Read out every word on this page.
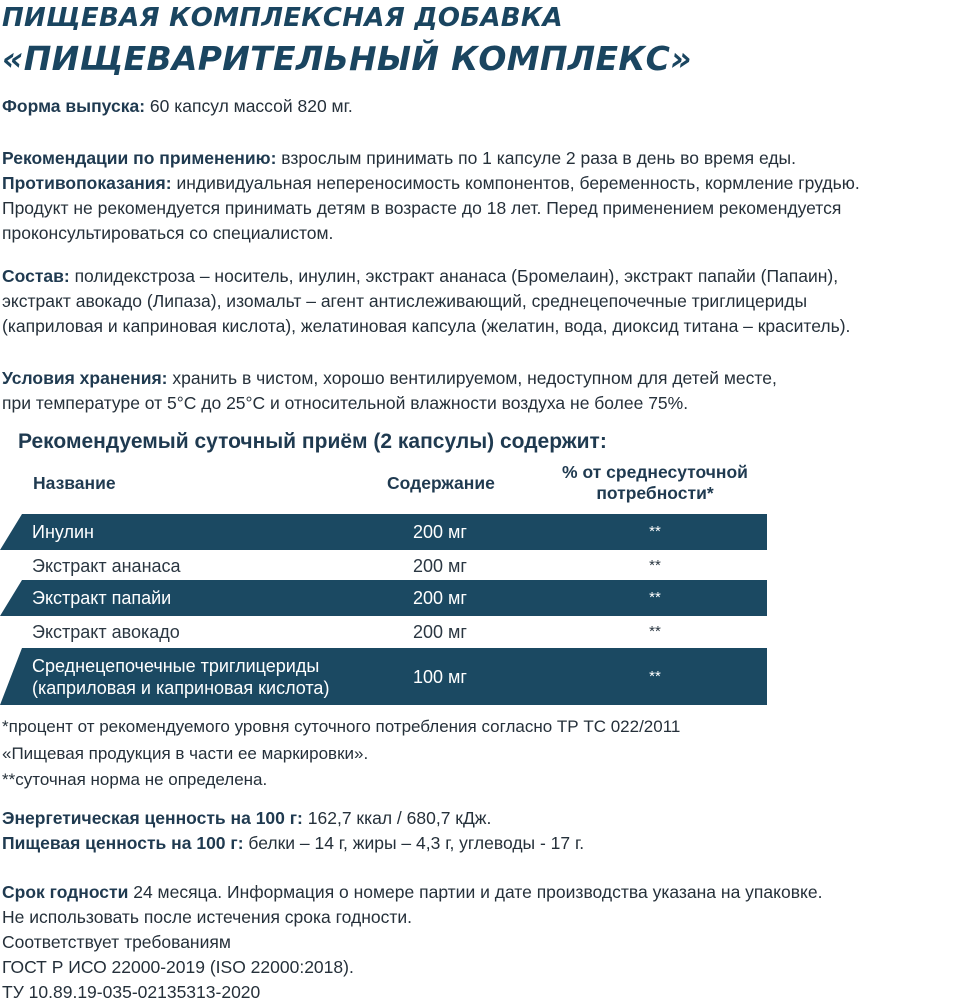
ПИЩЕВАЯ КОМПЛЕКСНАЯ ДОБАВКА
«ПИЩЕВАРИТЕЛЬНЫЙ КОМПЛЕКС»

Форма выпуска: 60 капсул массой 820 мг.

Рекомендации по применению: взрослым принимать по 1 капсуле 2 раза в день во время еды.
Противопоказания: индивидуальная непереносимость компонентов, беременность, кормление грудью.
Продукт не рекомендуется принимать детям в возрасте до 18 лет. Перед применением рекомендуется
проконсультироваться со специалистом.

Состав: полидекстроза – носитель, инулин, экстракт ананаса (Бромелаин), экстракт папайи (Папаин),
экстракт авокадо (Липаза), изомальт – агент антислеживающий, среднецепочечные триглицериды
(каприловая и каприновая кислота), желатиновая капсула (желатин, вода, диоксид титана – краситель).

Условия хранения: хранить в чистом, хорошо вентилируемом, недоступном для детей месте,
при температуре от 5°С до 25°С и относительной влажности воздуха не более 75%.

Рекомендуемый суточный приём (2 капсулы) содержит:
Название	Содержание
% от среднесуточной
потребности*
Инулин	200 мг	**
Экстракт ананаса	200 мг	**
Экстракт папайи	200 мг	**
Экстракт авокадо	200 мг	**
Среднецепочечные триглицериды
(каприловая и каприновая кислота)
100 мг	**

*процент от рекомендуемого уровня суточного потребления согласно ТР ТС 022/2011

«Пищевая продукция в части ее маркировки».

**суточная норма не определена.

Энергетическая ценность на 100 г: 162,7 ккал / 680,7 кДж.
Пищевая ценность на 100 г: белки – 14 г, жиры – 4,3 г, углеводы - 17 г.

Срок годности 24 месяца. Информация о номере партии и дате производства указана на упаковке.
Не использовать после истечения срока годности.
Соответствует требованиям
ГОСТ Р ИСО 22000-2019 (ISO 22000:2018).
ТУ 10.89.19-035-02135313-2020
